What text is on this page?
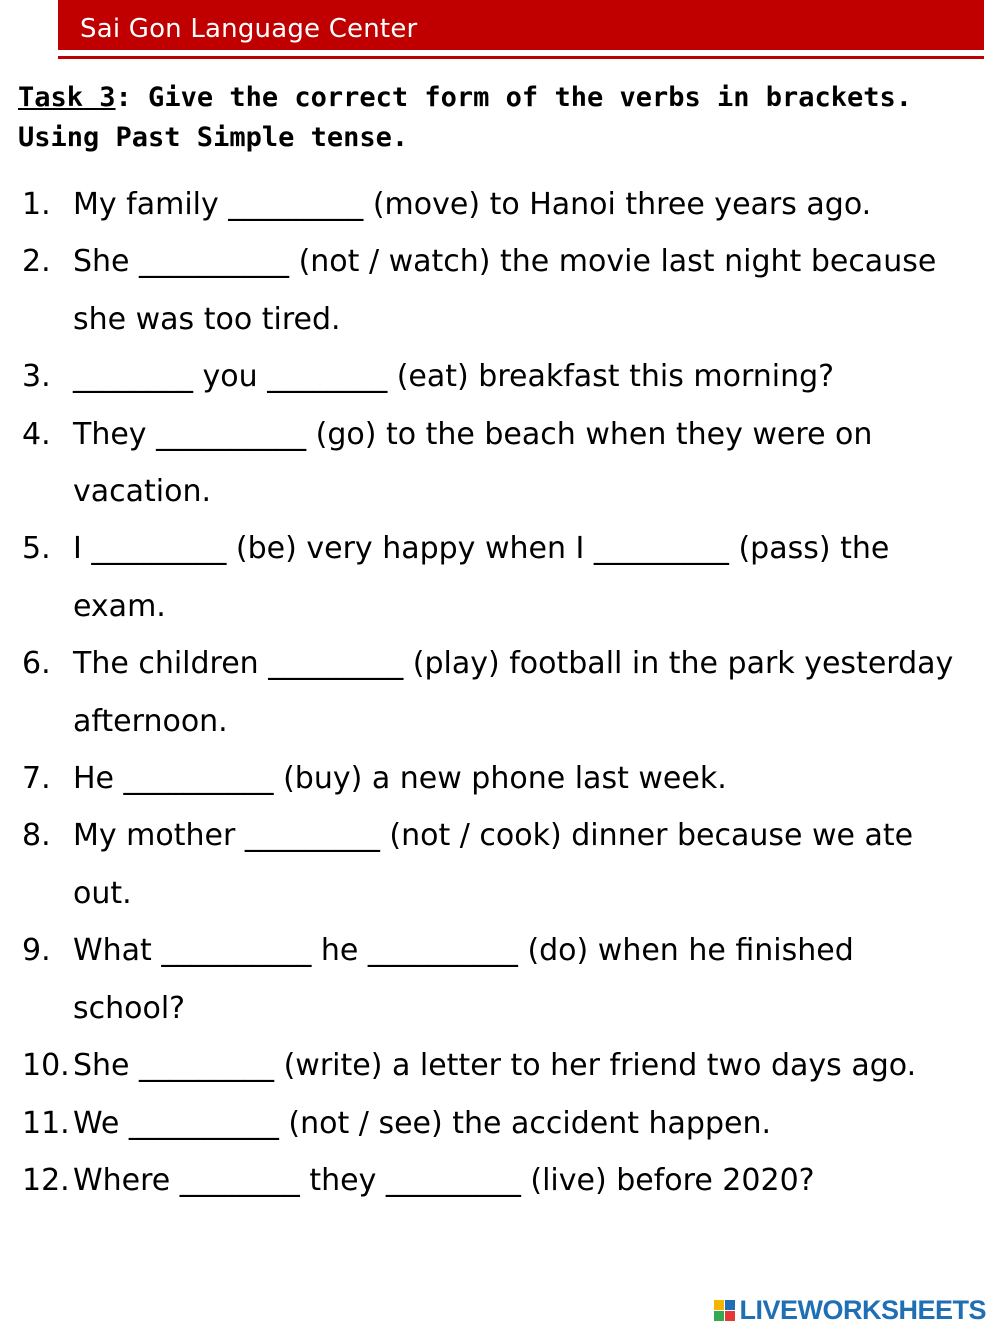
Sai Gon Language Center
Task 3: Give the correct form of the verbs in brackets. Using Past Simple tense.
1. My family _________ (move) to Hanoi three years ago.
2. She __________ (not / watch) the movie last night because she was too tired.
3. ________ you ________ (eat) breakfast this morning?
4. They __________ (go) to the beach when they were on vacation.
5. I _________ (be) very happy when I _________ (pass) the exam.
6. The children _________ (play) football in the park yesterday afternoon.
7. He __________ (buy) a new phone last week.
8. My mother _________ (not / cook) dinner because we ate out.
9. What __________ he __________ (do) when he finished school?
10. She _________ (write) a letter to her friend two days ago.
11. We __________ (not / see) the accident happen.
12. Where ________ they _________ (live) before 2020?
LIVEWORKSHEETS
